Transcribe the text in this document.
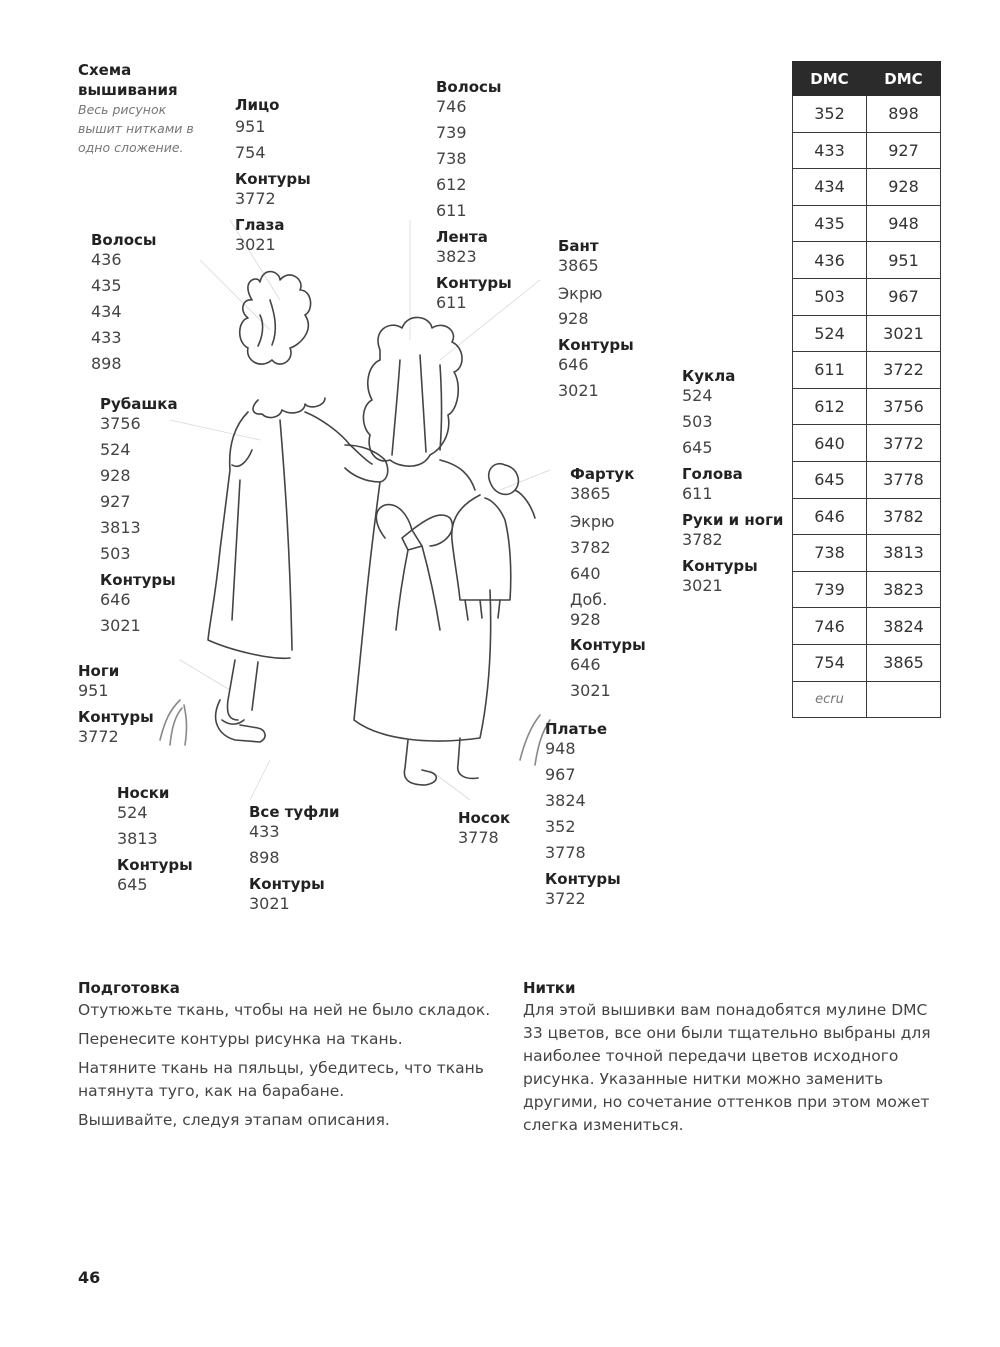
Схема вышивания
Весь рисунок вышит нитками в одно сложение.
Лицо
951
754
Контуры
3772
Глаза
3021
Волосы
746
739
738
612
611
Лента
3823
Контуры
611
Волосы
436
435
434
433
898
Бант
3865
Экрю
928
Контуры
646
3021
Рубашка
3756
524
928
927
3813
503
Контуры
646
3021
Кукла
524
503
645
Голова
611
Руки и ноги
3782
Контуры
3021
Фартук
3865
Экрю
3782
640
Доб.
928
Контуры
646
3021
Ноги
951
Контуры
3772	Платье
948
967
3824
352
3778
Контуры
3722
Носки
524
3813
Контуры
645
Все туфли
433
898
Контуры
3021
Носок
3778
DMC	DMC
352	898
433	927
434	928
435	948
436	951
503	967
524	3021
611	3722
612	3756
640	3772
645	3778
646	3782
738	3813
739	3823
746	3824
754	3865
ecru	
Подготовка

Отутюжьте ткань, чтобы на ней не было складок.

Перенесите контуры рисунка на ткань.

Натяните ткань на пяльцы, убедитесь, что ткань натянута туго, как на барабане.

Вышивайте, следуя этапам описания.

Нитки

Для этой вышивки вам понадобятся мулине DMC 33 цветов, все они были тщательно выбраны для наиболее точной передачи цветов исходного рисунка. Указанные нитки можно заменить другими, но сочетание оттенков при этом может слегка измениться.

46
